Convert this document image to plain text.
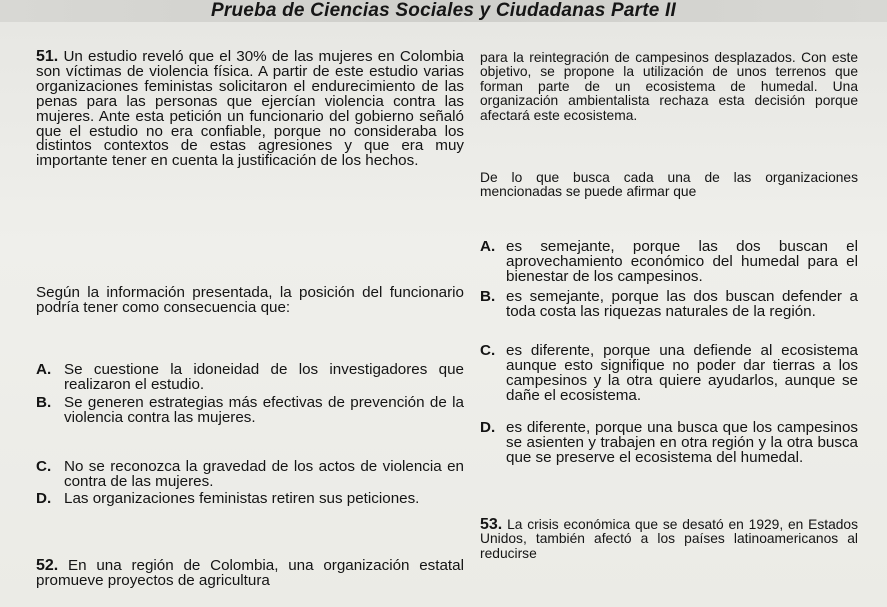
Prueba de Ciencias Sociales y Ciudadanas Parte II
51. Un estudio reveló que el 30% de las mujeres en Colombia son víctimas de violencia física. A partir de este estudio varias organizaciones feministas solicitaron el endurecimiento de las penas para las personas que ejercían violencia contra las mujeres. Ante esta petición un funcionario del gobierno señaló que el estudio no era confiable, porque no consideraba los distintos contextos de estas agresiones y que era muy importante tener en cuenta la justificación de los hechos.
Según la información presentada, la posición del funcionario podría tener como consecuencia que:
A. Se cuestione la idoneidad de los investigadores que realizaron el estudio.
B. Se generen estrategias más efectivas de prevención de la violencia contra las mujeres.
C. No se reconozca la gravedad de los actos de violencia en contra de las mujeres.
D. Las organizaciones feministas retiren sus peticiones.
52. En una región de Colombia, una organización estatal promueve proyectos de agricultura
para la reintegración de campesinos desplazados. Con este objetivo, se propone la utilización de unos terrenos que forman parte de un ecosistema de humedal. Una organización ambientalista rechaza esta decisión porque afectará este ecosistema.
De lo que busca cada una de las organizaciones mencionadas se puede afirmar que
A. es semejante, porque las dos buscan el aprovechamiento económico del humedal para el bienestar de los campesinos.
B. es semejante, porque las dos buscan defender a toda costa las riquezas naturales de la región.
C. es diferente, porque una defiende al ecosistema aunque esto signifique no poder dar tierras a los campesinos y la otra quiere ayudarlos, aunque se dañe el ecosistema.
D. es diferente, porque una busca que los campesinos se asienten y trabajen en otra región y la otra busca que se preserve el ecosistema del humedal.
53. La crisis económica que se desató en 1929, en Estados Unidos, también afectó a los países latinoamericanos al reducirse
